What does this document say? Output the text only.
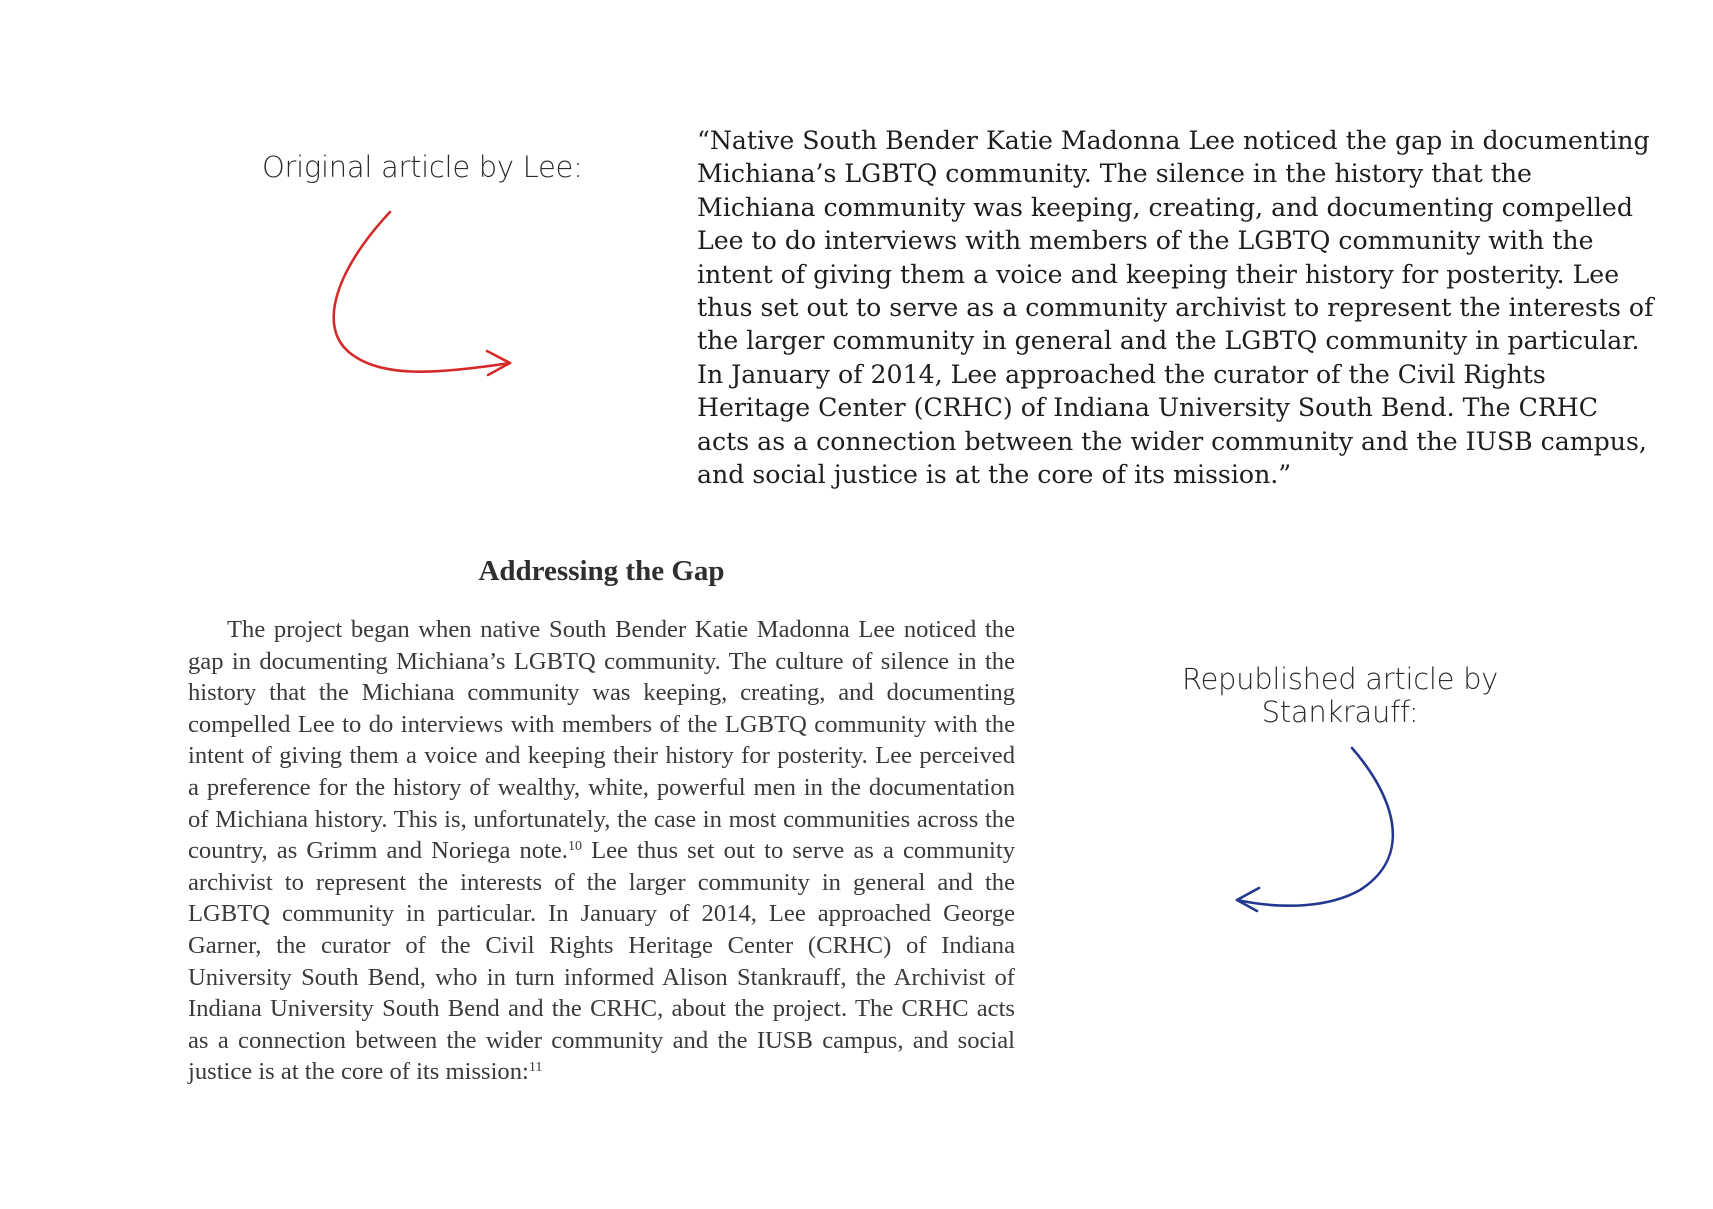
Original article by Lee:

“Native South Bender Katie Madonna Lee noticed the gap in documenting Michiana’s LGBTQ community. The silence in the history that the Michiana community was keeping, creating, and documenting compelled Lee to do interviews with members of the LGBTQ community with the intent of giving them a voice and keeping their history for posterity. Lee thus set out to serve as a community archivist to represent the interests of the larger community in general and the LGBTQ community in particular. In January of 2014, Lee approached the curator of the Civil Rights Heritage Center (CRHC) of Indiana University South Bend. The CRHC acts as a connection between the wider community and the IUSB campus, and social justice is at the core of its mission.”

Addressing the Gap

The project began when native South Bender Katie Madonna Lee noticed the gap in documenting Michiana’s LGBTQ community. The culture of silence in the history that the Michiana community was keeping, creating, and documenting compelled Lee to do interviews with members of the LGBTQ community with the intent of giving them a voice and keeping their history for posterity. Lee perceived a preference for the history of wealthy, white, powerful men in the documentation of Michiana history. This is, unfortunately, the case in most communities across the country, as Grimm and Noriega note.$^{10}$ Lee thus set out to serve as a community archivist to represent the interests of the larger community in general and the LGBTQ community in particular. In January of 2014, Lee approached George Garner, the curator of the Civil Rights Heritage Center (CRHC) of Indiana University South Bend, who in turn informed Alison Stankrauff, the Archivist of Indiana University South Bend and the CRHC, about the project. The CRHC acts as a connection between the wider community and the IUSB campus, and social justice is at the core of its mission:$^{11}$

Republished article by Stankrauff:
